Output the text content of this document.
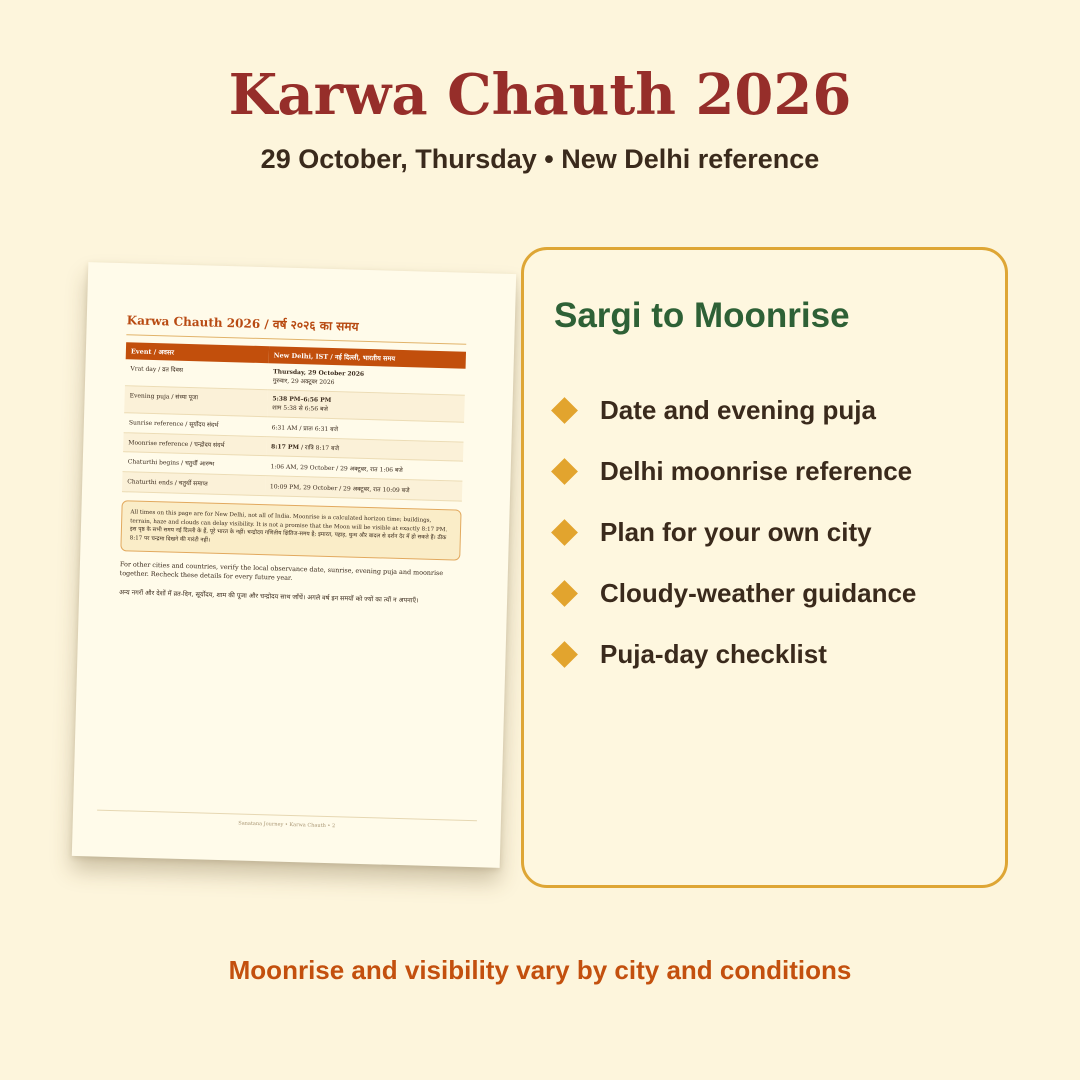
Karwa Chauth 2026
29 October, Thursday • New Delhi reference
Karwa Chauth 2026 / वर्ष २०२६ का समय
Event / अवसर	New Delhi, IST / नई दिल्ली, भारतीय समय
Vrat day / व्रत दिवस	Thursday, 29 October 2026
गुरुवार, 29 अक्टूबर 2026

Evening puja / संध्या पूजा	5:38 PM–6:56 PM
शाम 5:38 से 6:56 बजे

Sunrise reference / सूर्योदय संदर्भ	6:31 AM / प्रातः 6:31 बजे

Moonrise reference / चन्द्रोदय संदर्भ	8:17 PM / रात्रि 8:17 बजे
Chaturthi begins / चतुर्थी आरम्भ	1:06 AM, 29 October / 29 अक्टूबर, रात 1:06 बजे

Chaturthi ends / चतुर्थी समाप्त	10:09 PM, 29 October / 29 अक्टूबर, रात 10:09 बजे
All times on this page are for New Delhi, not all of India. Moonrise is a calculated horizon time; buildings, terrain, haze and clouds can delay visibility. It is not a promise that the Moon will be visible at exactly 8:17 PM. इस पृष्ठ के सभी समय नई दिल्ली के हैं, पूरे भारत के नहीं। चन्द्रोदय गणितीय क्षितिज-समय है; इमारत, पहाड़, धुन्ध और बादल से दर्शन देर में हो सकते हैं। ठीक 8:17 पर चन्द्रमा दिखने की गारंटी नहीं।
For other cities and countries, verify the local observance date, sunrise, evening puja and moonrise together. Recheck these details for every future year.
अन्य नगरों और देशों में व्रत-दिन, सूर्योदय, शाम की पूजा और चन्द्रोदय साथ जाँचें। अगले वर्ष इन समयों को ज्यों का त्यों न अपनाएँ।
Sanatana Journey • Karwa Chauth • 2
Sargi to Moonrise
Date and evening puja
Delhi moonrise reference
Plan for your own city
Cloudy-weather guidance
Puja-day checklist
Moonrise and visibility vary by city and conditions
